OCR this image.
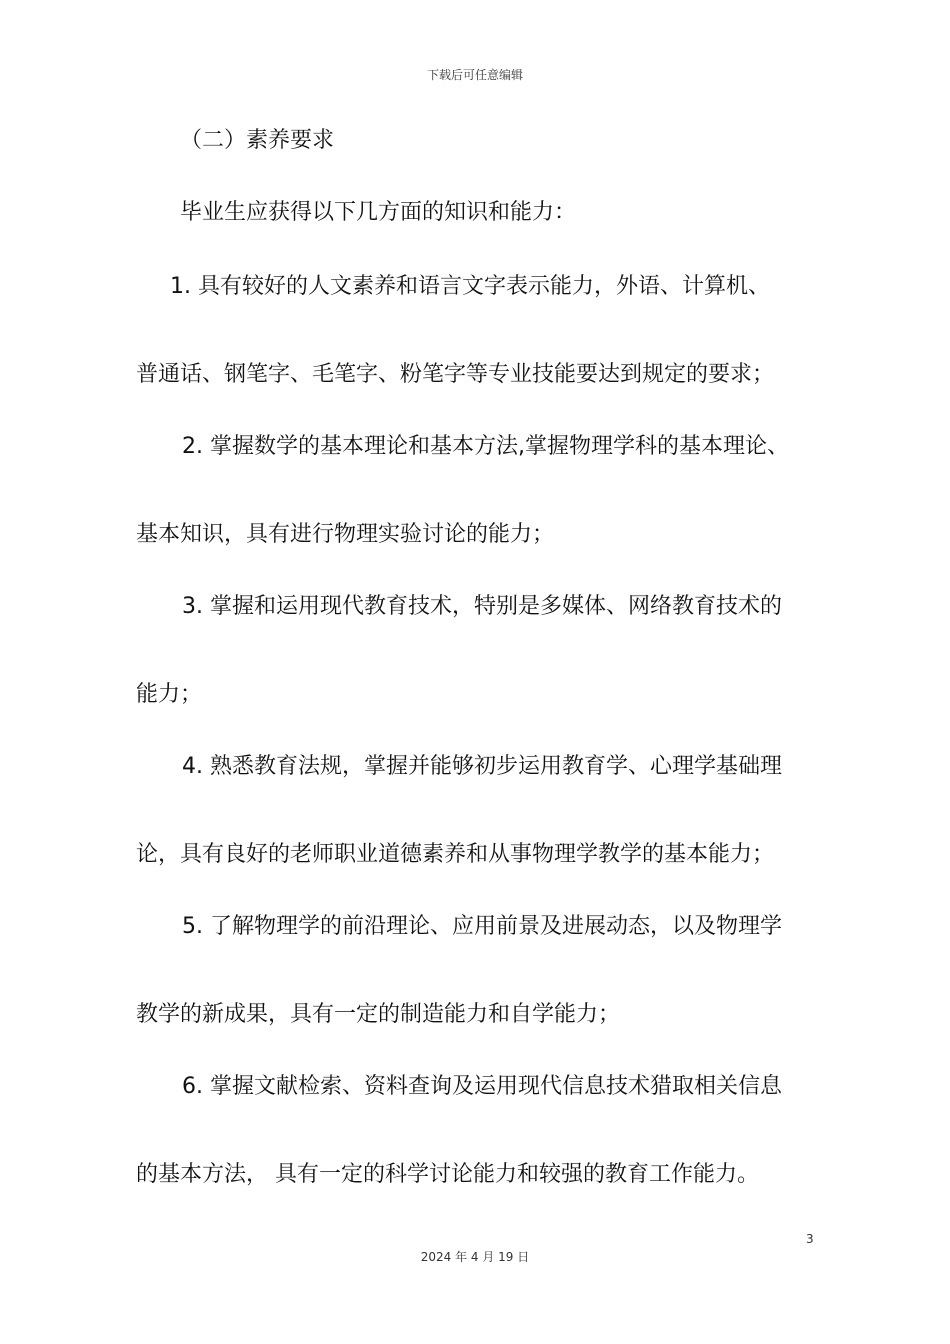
下载后可任意编辑
（二）素养要求
毕业生应获得以下几方面的知识和能力：
1. 具有较好的人文素养和语言文字表示能力，外语、计算机、
普通话、钢笔字、毛笔字、粉笔字等专业技能要达到规定的要求；
2. 掌握数学的基本理论和基本方法,掌握物理学科的基本理论、
基本知识，具有进行物理实验讨论的能力；
3. 掌握和运用现代教育技术，特别是多媒体、网络教育技术的
能力；
4. 熟悉教育法规，掌握并能够初步运用教育学、心理学基础理
论，具有良好的老师职业道德素养和从事物理学教学的基本能力；
5. 了解物理学的前沿理论、应用前景及进展动态，以及物理学
教学的新成果，具有一定的制造能力和自学能力；
6. 掌握文献检索、资料查询及运用现代信息技术猎取相关信息
的基本方法， 具有一定的科学讨论能力和较强的教育工作能力。
3
2024 年 4 月 19 日
